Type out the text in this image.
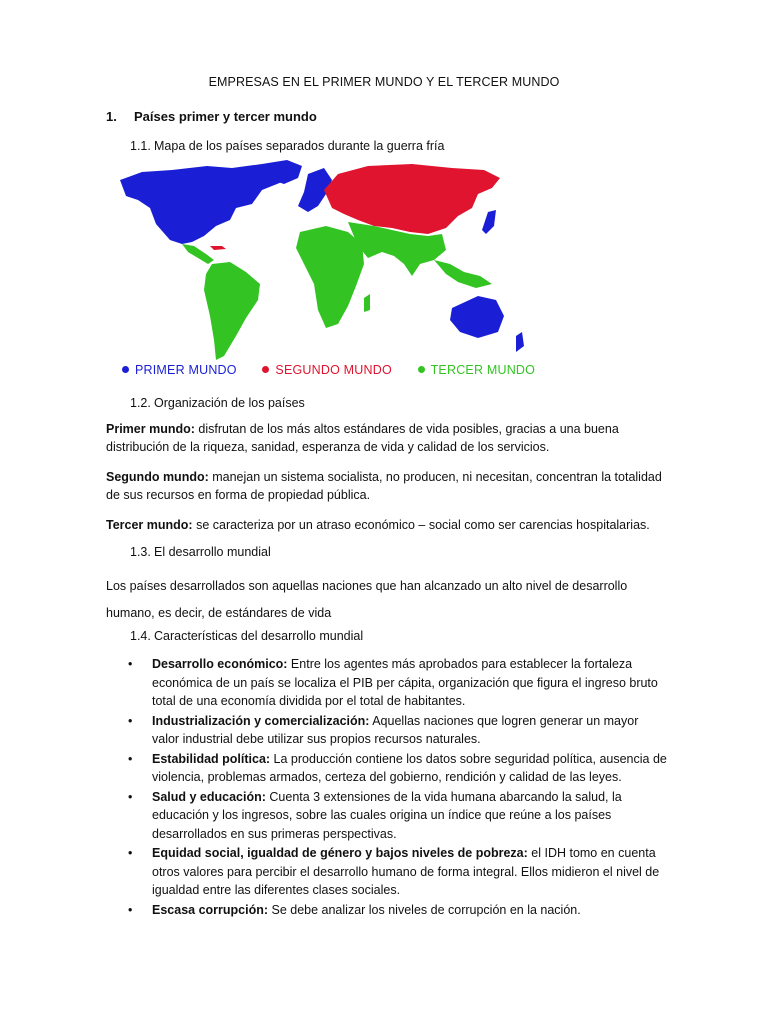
EMPRESAS EN EL PRIMER MUNDO Y EL TERCER MUNDO
1. Países primer y tercer mundo
1.1. Mapa de los países separados durante la guerra fría
PRIMER MUNDO	SEGUNDO MUNDO	TERCER MUNDO
1.2. Organización de los países
Primer mundo: disfrutan de los más altos estándares de vida posibles, gracias a una buena distribución de la riqueza, sanidad, esperanza de vida y calidad de los servicios.
Segundo mundo: manejan un sistema socialista, no producen, ni necesitan, concentran la totalidad de sus recursos en forma de propiedad pública.
Tercer mundo: se caracteriza por un atraso económico – social como ser carencias hospitalarias.
1.3. El desarrollo mundial
Los países desarrollados son aquellas naciones que han alcanzado un alto nivel de desarrollo humano, es decir, de estándares de vida
1.4. Características del desarrollo mundial
• Desarrollo económico: Entre los agentes más aprobados para establecer la fortaleza económica de un país se localiza el PIB per cápita, organización que figura el ingreso bruto total de una economía dividida por el total de habitantes.
• Industrialización y comercialización: Aquellas naciones que logren generar un mayor valor industrial debe utilizar sus propios recursos naturales.
• Estabilidad política: La producción contiene los datos sobre seguridad política, ausencia de violencia, problemas armados, certeza del gobierno, rendición y calidad de las leyes.
• Salud y educación: Cuenta 3 extensiones de la vida humana abarcando la salud, la educación y los ingresos, sobre las cuales origina un índice que reúne a los países desarrollados en sus primeras perspectivas.
• Equidad social, igualdad de género y bajos niveles de pobreza: el IDH tomo en cuenta otros valores para percibir el desarrollo humano de forma integral. Ellos midieron el nivel de igualdad entre las diferentes clases sociales.
• Escasa corrupción: Se debe analizar los niveles de corrupción en la nación.
